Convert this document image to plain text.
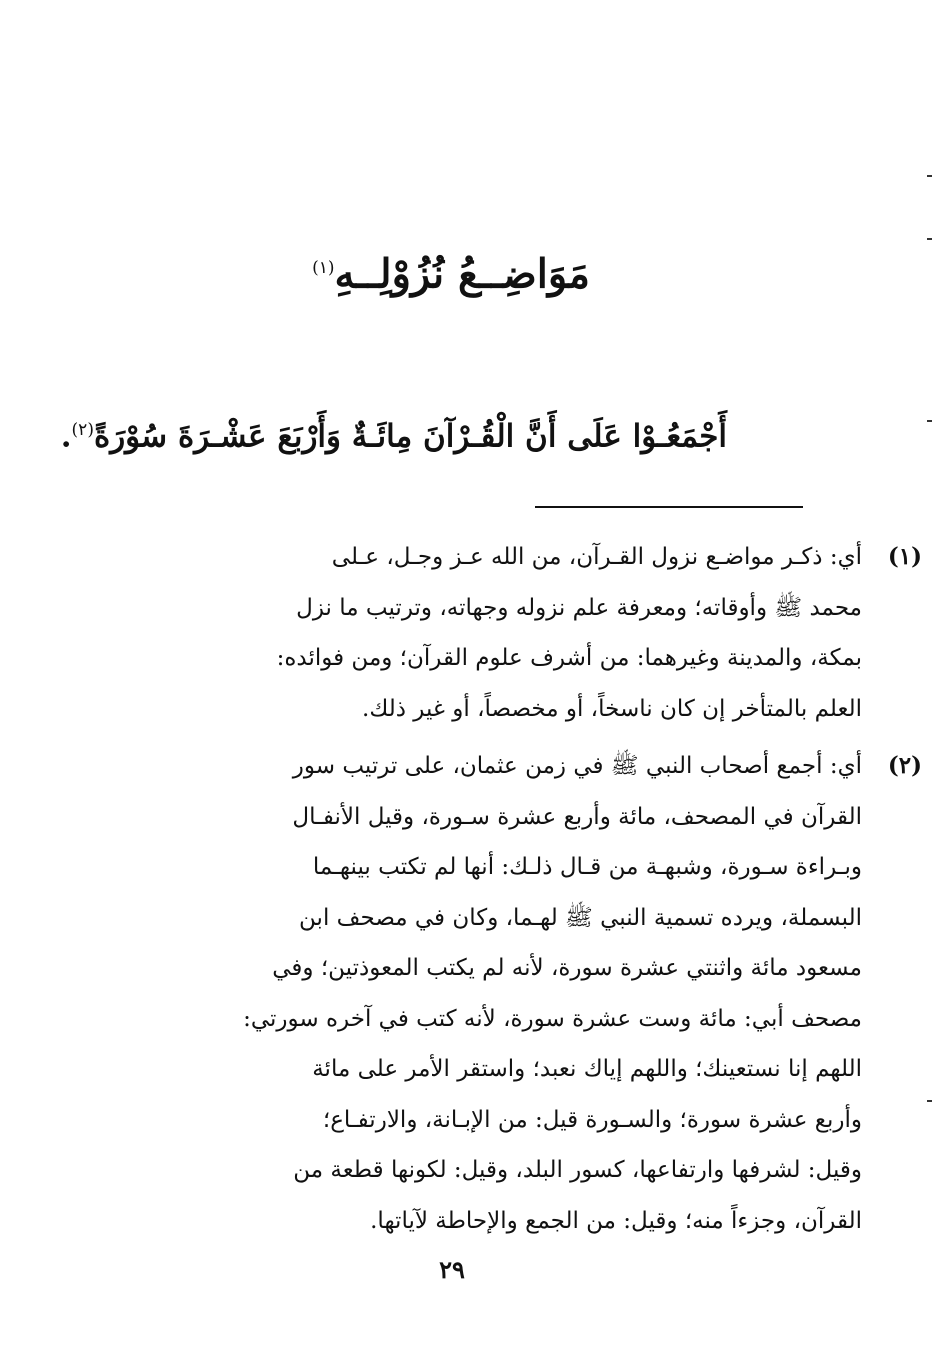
مَوَاضِــعُ نُزُوْلِــهِ$^{(١)}$
أَجْمَعُـوْا عَلَى أَنَّ الْقُـرْآنَ مِائَـةٌ وَأَرْبَعَ عَشْـرَةَ سُوْرَةً$^{(٢)}$.
(١)
أي: ذكـر مواضـع نزول القـرآن، من الله عـز وجـل، عـلى
محمد ﷺ وأوقاته؛ ومعرفة علم نزوله وجهاته، وترتيب ما نزل
بمكة، والمدينة وغيرهما: من أشرف علوم القرآن؛ ومن فوائده:
العلم بالمتأخر إن كان ناسخاً، أو مخصصاً، أو غير ذلك.
(٢)
أي: أجمع أصحاب النبي ﷺ في زمن عثمان، على ترتيب سور
القرآن في المصحف، مائة وأربع عشرة سـورة، وقيل الأنفـال
وبـراءة سـورة، وشبهـة من قـال ذلـك: أنها لم تكتب بينهـما
البسملة، ويرده تسمية النبي ﷺ لهـما، وكان في مصحف ابن
مسعود مائة واثنتي عشرة سورة، لأنه لم يكتب المعوذتين؛ وفي
مصحف أبي: مائة وست عشرة سورة، لأنه كتب في آخره سورتي:
اللهم إنا نستعينك؛ واللهم إياك نعبد؛ واستقر الأمر على مائة
وأربع عشرة سورة؛ والسـورة قيل: من الإبـانة، والارتفـاع؛
وقيل: لشرفها وارتفاعها، كسور البلد، وقيل: لكونها قطعة من
القرآن، وجزءاً منه؛ وقيل: من الجمع والإحاطة لآياتها.
٢٩
